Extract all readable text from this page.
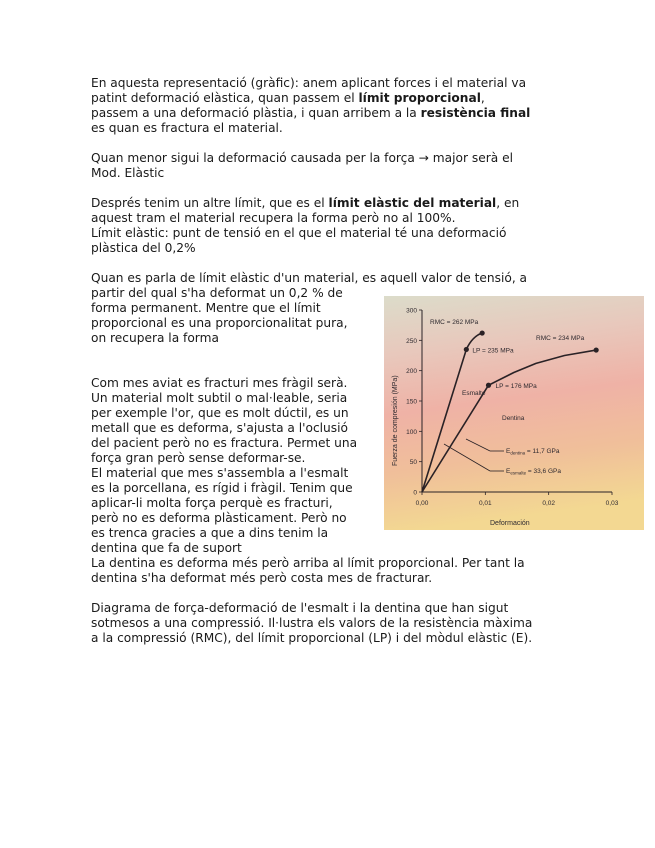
En aquesta representació (gràfic): anem aplicant forces i el material va
patint deformació elàstica, quan passem el límit proporcional,
passem a una deformació plàstia, i quan arribem a la resistència final
es quan es fractura el material.
Quan menor sigui la deformació causada per la força → major serà el
Mod. Elàstic
Després tenim un altre límit, que es el límit elàstic del material, en
aquest tram el material recupera la forma però no al 100%.
Límit elàstic: punt de tensió en el que el material té una deformació
plàstica del 0,2%
Quan es parla de límit elàstic d'un material, es aquell valor de tensió, a
partir del qual s'ha deformat un 0,2 % de
forma permanent. Mentre que el límit
proporcional es una proporcionalitat pura,
on recupera la forma
Com mes aviat es fracturi mes fràgil serà.
Un material molt subtil o mal·leable, seria
per exemple l'or, que es molt dúctil, es un
metall que es deforma, s'ajusta a l'oclusió
del pacient però no es fractura. Permet una
força gran però sense deformar-se.
El material que mes s'assembla a l'esmalt
es la porcellana, es rígid i fràgil. Tenim que
aplicar-li molta força perquè es fracturi,
però no es deforma plàsticament. Però no
es trenca gracies a que a dins tenim la
dentina que fa de suport
La dentina es deforma més però arriba al límit proporcional. Per tant la
dentina s'ha deformat més però costa mes de fracturar.
Diagrama de força-deformació de l'esmalt i la dentina que han sigut
sotmesos a una compressió. Il·lustra els valors de la resistència màxima
a la compressió (RMC), del límit proporcional (LP) i del mòdul elàstic (E).
0
50
100
150
200
250
300
0,00	0,01	0,02	0,03
Fuerza de compresión (MPa)
Deformación
RMC = 262 MPa
LP = 235 MPa
RMC = 234 MPa
LP = 176 MPa
Esmalte
Dentina
$E_{dentina} = 11,7$ GPa
$E_{esmalte} = 33,6$ GPa
